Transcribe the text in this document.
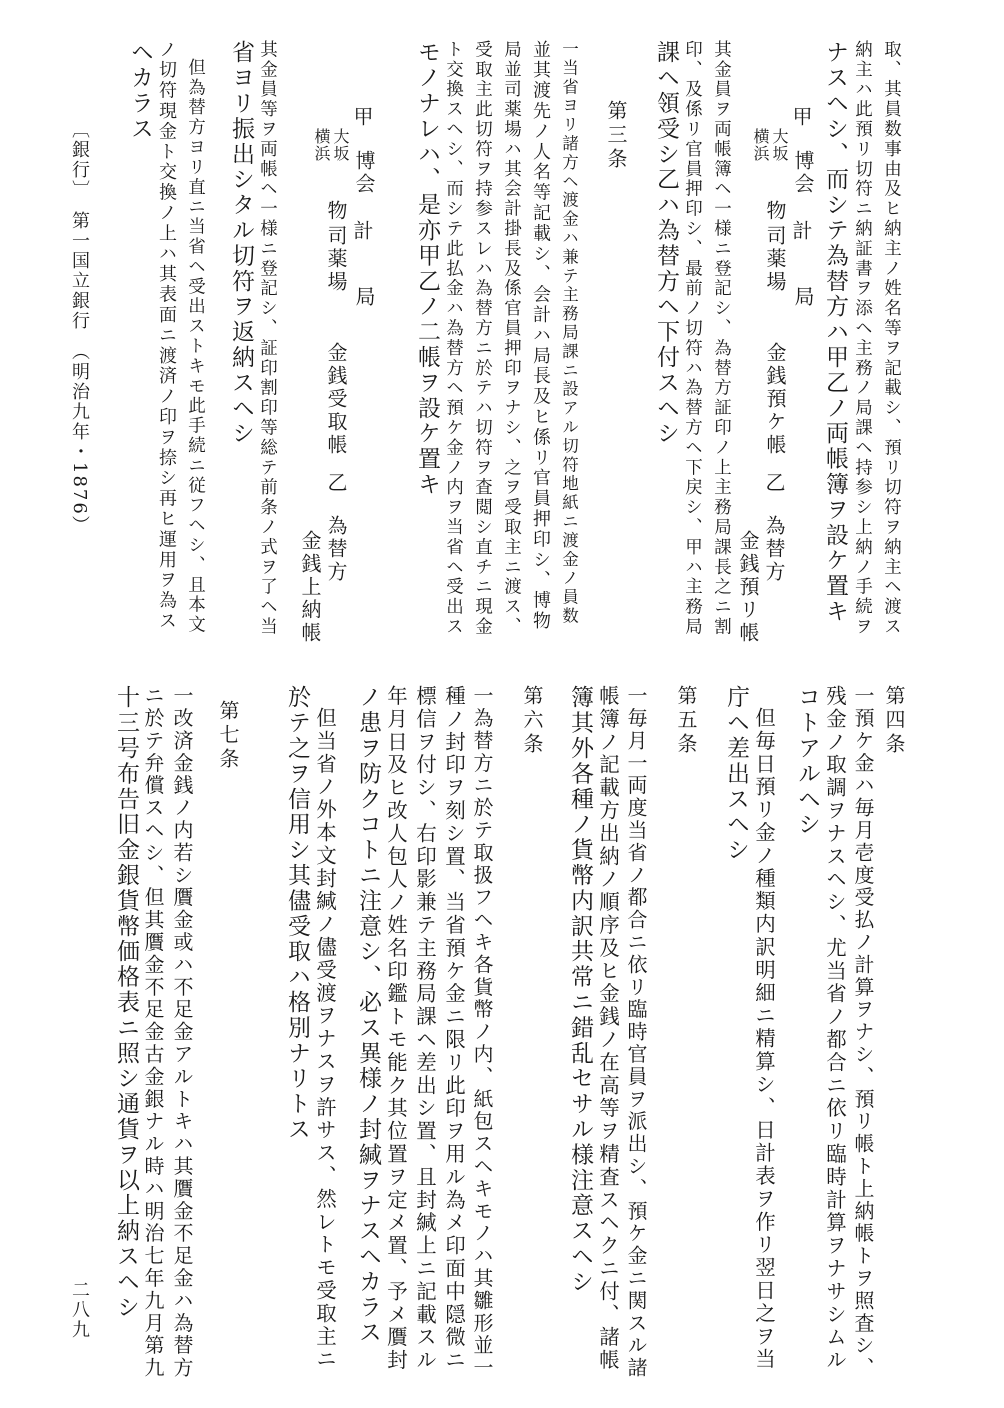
取、其員数事由及ヒ納主ノ姓名等ヲ記載シ、預リ切符ヲ納主ヘ渡ス
納主ハ此預リ切符ニ納証書ヲ添ヘ主務ノ局課ヘ持参シ上納ノ手続ヲ
ナスヘシ、而シテ為替方ハ甲乙ノ両帳簿ヲ設ケ置キ
甲
大坂
横浜
博会
計
局
物
司薬場
金銭預ケ帳
乙
為替方
金銭預リ帳
其金員ヲ両帳簿ヘ一様ニ登記シ、為替方証印ノ上主務局課長之ニ割
印、及係リ官員押印シ、最前ノ切符ハ為替方ヘ下戻シ、甲ハ主務局
課ヘ領受シ乙ハ為替方ヘ下付スヘシ
第三条
一当省ヨリ諸方ヘ渡金ハ兼テ主務局課ニ設アル切符地紙ニ渡金ノ員数
並其渡先ノ人名等記載シ、会計ハ局長及ヒ係リ官員押印シ、博物
局並司薬場ハ其会計掛長及係官員押印ヲナシ、之ヲ受取主ニ渡ス、
受取主此切符ヲ持参スレハ為替方ニ於テハ切符ヲ査閲シ直チニ現金
ト交換スヘシ、而シテ此払金ハ為替方ヘ預ケ金ノ内ヲ当省ヘ受出ス
モノナレハ、是亦甲乙ノ二帳ヲ設ケ置キ
甲
大坂
横浜
博会
計
局
物
司薬場
金銭受取帳
乙
為替方
金銭上納帳
其金員等ヲ両帳ヘ一様ニ登記シ、証印割印等総テ前条ノ式ヲ了ヘ当
省ヨリ振出シタル切符ヲ返納スヘシ
但為替方ヨリ直ニ当省ヘ受出ストキモ此手続ニ従フヘシ、且本文
ノ切符現金ト交換ノ上ハ其表面ニ渡済ノ印ヲ捺シ再ヒ運用ヲ為ス
ヘカラス
〔銀行〕　第一国立銀行　（明治九年・1876）
第四条
一預ケ金ハ毎月壱度受払ノ計算ヲナシ、預リ帳ト上納帳トヲ照査シ、
残金ノ取調ヲナスヘシ、尤当省ノ都合ニ依リ臨時計算ヲナサシムル
コトアルヘシ
但毎日預リ金ノ種類内訳明細ニ精算シ、日計表ヲ作リ翌日之ヲ当
庁ヘ差出スヘシ
第五条
一毎月一両度当省ノ都合ニ依リ臨時官員ヲ派出シ、預ケ金ニ関スル諸
帳簿ノ記載方出納ノ順序及ヒ金銭ノ在高等ヲ精査スヘクニ付、諸帳
簿其外各種ノ貨幣内訳共常ニ錯乱セサル様注意スヘシ
第六条
一為替方ニ於テ取扱フヘキ各貨幣ノ内、紙包スヘキモノハ其雛形並一
種ノ封印ヲ刻シ置、当省預ケ金ニ限リ此印ヲ用ル為メ印面中隠微ニ
標信ヲ付シ、右印影兼テ主務局課ヘ差出シ置、且封緘上ニ記載スル
年月日及ヒ改人包人ノ姓名印鑑トモ能ク其位置ヲ定メ置、予メ贋封
ノ患ヲ防クコトニ注意シ、必ス異様ノ封緘ヲナスヘカラス
但当省ノ外本文封緘ノ儘受渡ヲナスヲ許サス、然レトモ受取主ニ
於テ之ヲ信用シ其儘受取ハ格別ナリトス
第七条
一改済金銭ノ内若シ贋金或ハ不足金アルトキハ其贋金不足金ハ為替方
ニ於テ弁償スヘシ、但其贋金不足金古金銀ナル時ハ明治七年九月第九
十三号布告旧金銀貨幣価格表ニ照シ通貨ヲ以上納スヘシ
二八九
